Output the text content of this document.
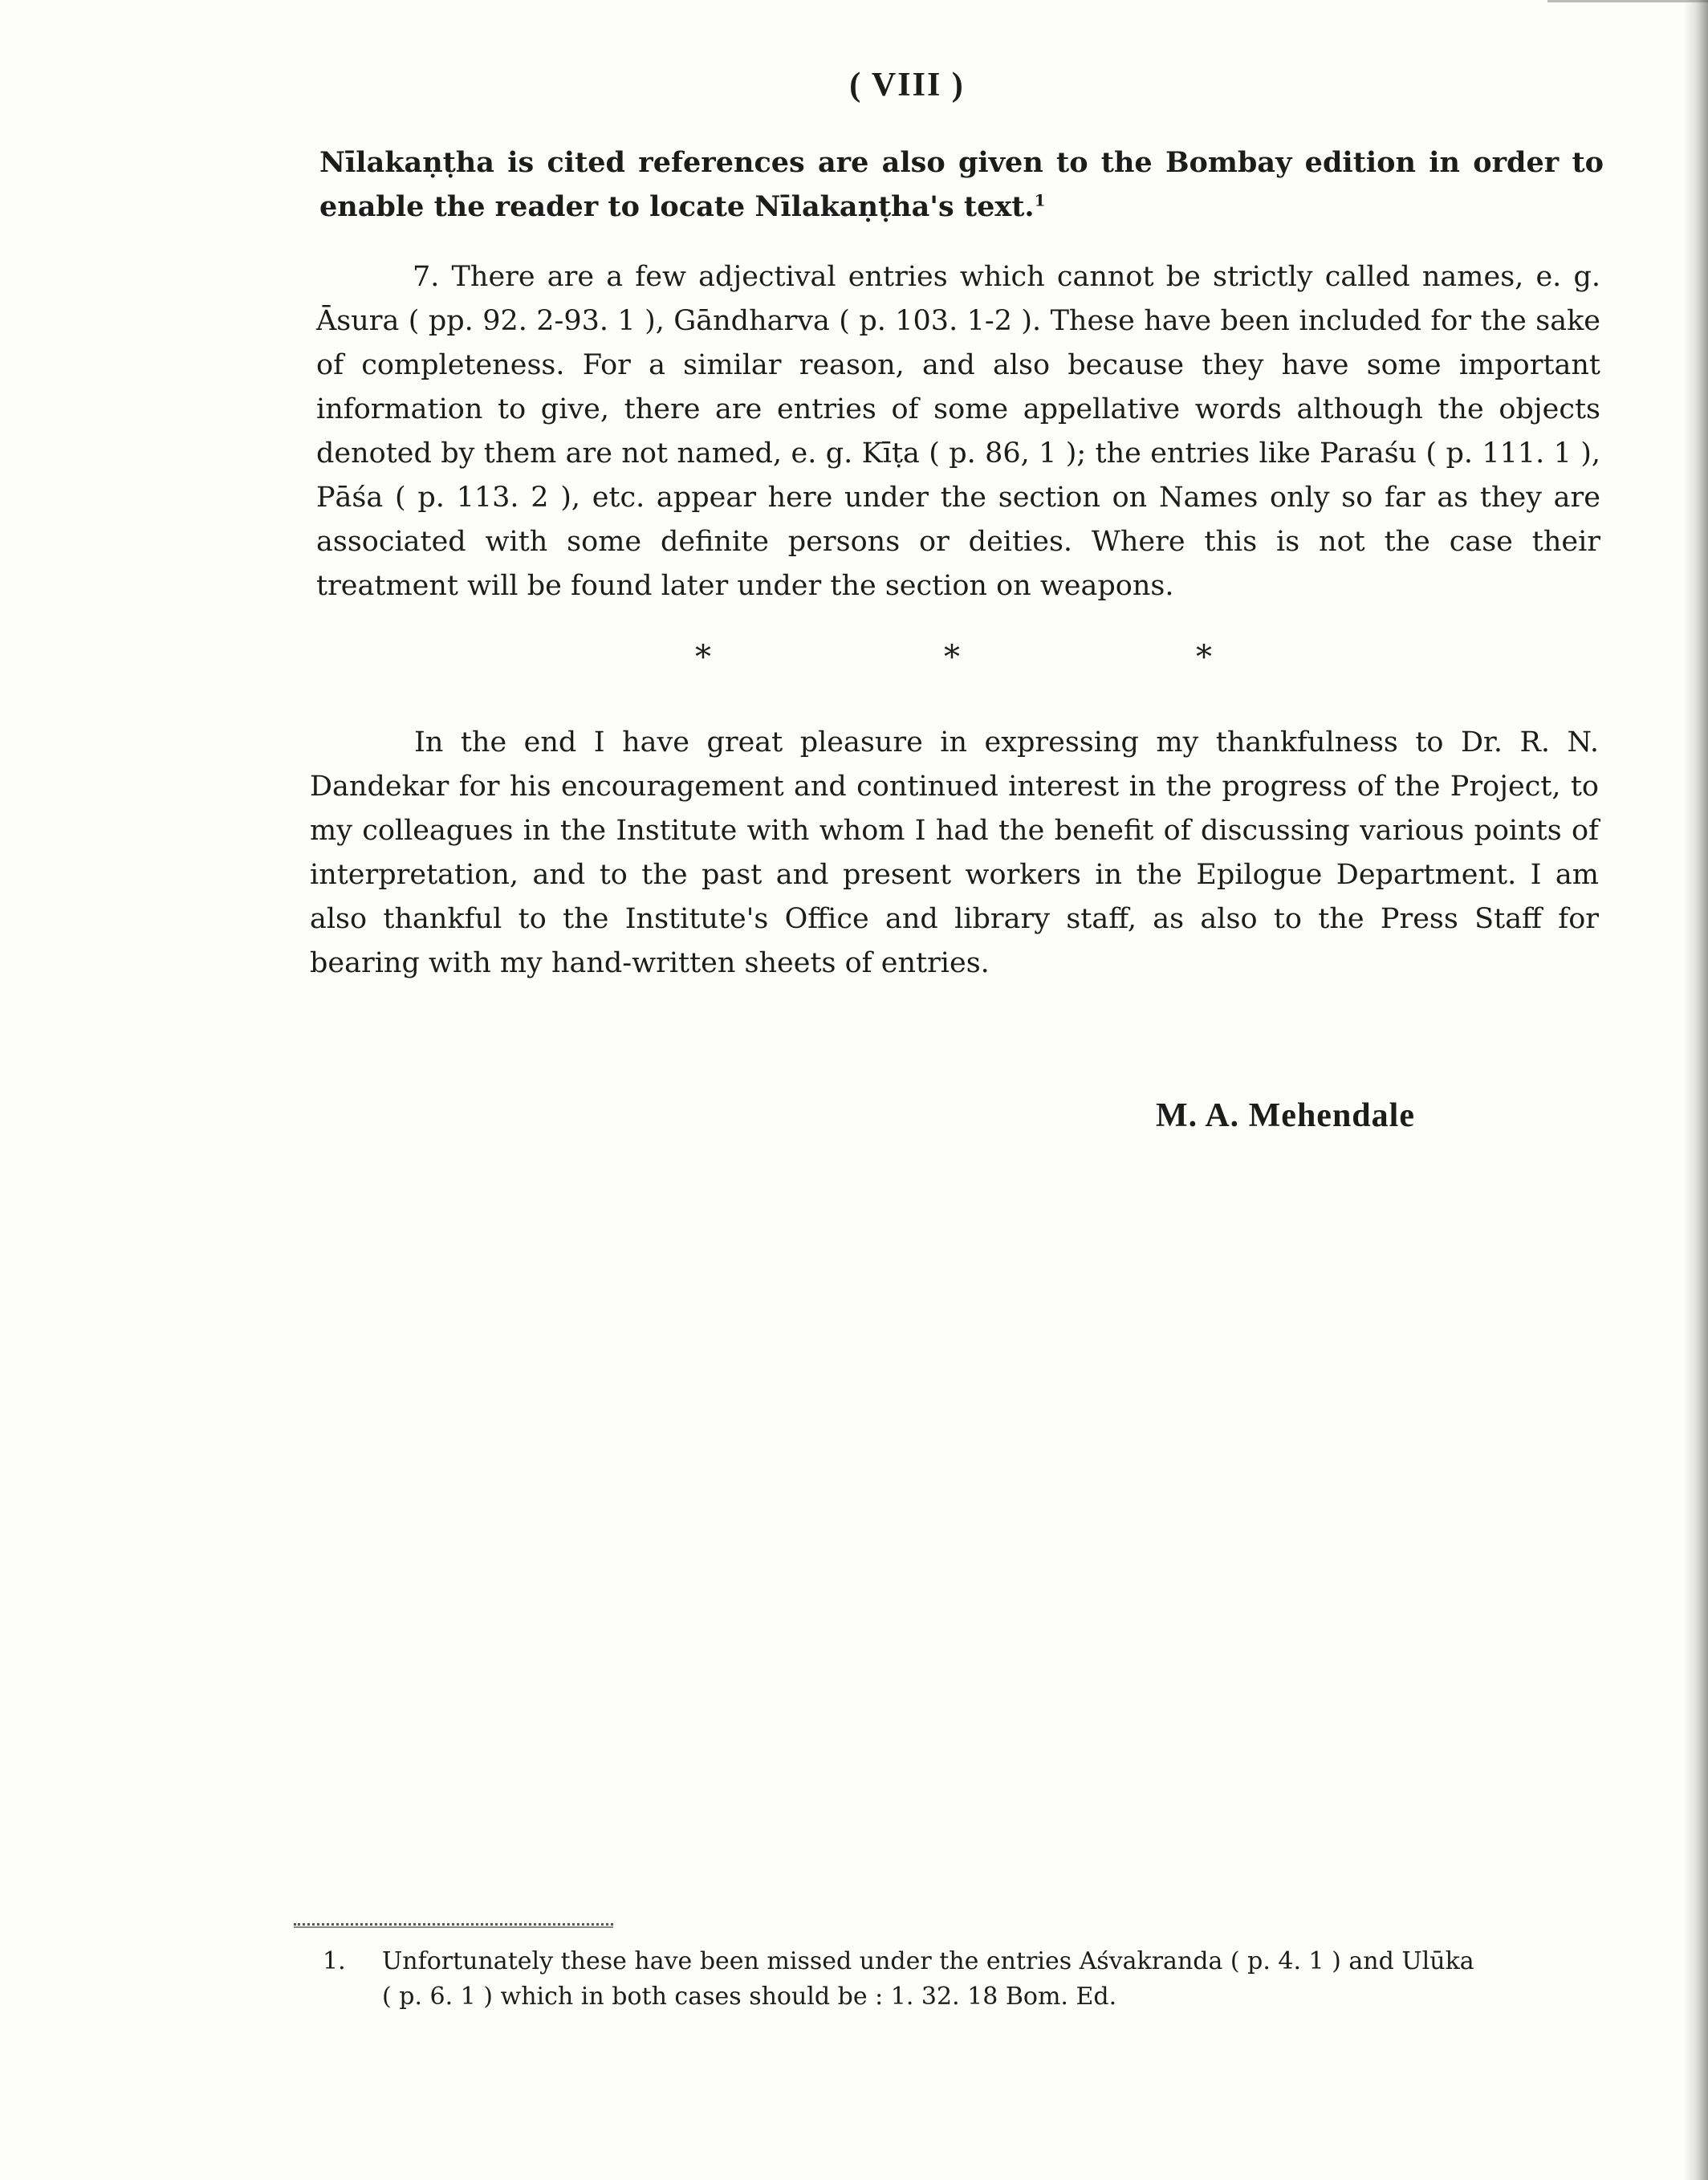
( VIII )

Nīlakaṇṭha is cited references are also given to the Bombay edition in order to enable the reader to locate Nīlakaṇṭha's text.$^1$

7. There are a few adjectival entries which cannot be strictly called names, e. g. Āsura ( pp. 92. 2-93. 1 ), Gāndharva ( p. 103. 1-2 ). These have been included for the sake of completeness. For a similar reason, and also because they have some important information to give, there are entries of some appellative words although the objects denoted by them are not named, e. g. Kīṭa ( p. 86, 1 ); the entries like Paraśu ( p. 111. 1 ), Pāśa ( p. 113. 2 ), etc. appear here under the section on Names only so far as they are associated with some definite persons or deities. Where this is not the case their treatment will be found later under the section on weapons.

*	*	*

In the end I have great pleasure in expressing my thankfulness to Dr. R. N. Dandekar for his encouragement and continued interest in the progress of the Project, to my colleagues in the Institute with whom I had the benefit of discussing various points of interpretation, and to the past and present workers in the Epilogue Department. I am also thankful to the Institute's Office and library staff, as also to the Press Staff for bearing with my hand-written sheets of entries.

M. A. Mehendale

1. Unfortunately these have been missed under the entries Aśvakranda ( p. 4. 1 ) and Ulūka
( p. 6. 1 ) which in both cases should be : 1. 32. 18 Bom. Ed.
